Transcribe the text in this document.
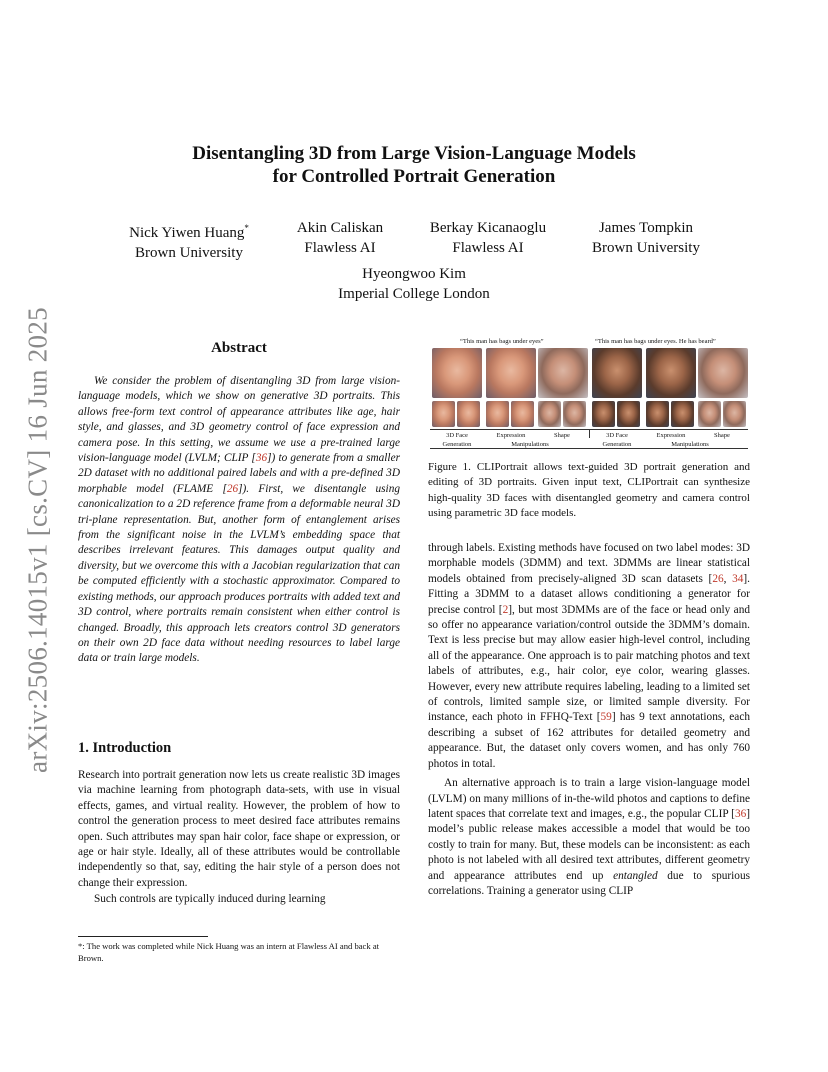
arXiv:2506.14015v1 [cs.CV] 16 Jun 2025
Disentangling 3D from Large Vision-Language Models
for Controlled Portrait Generation
Nick Yiwen Huang*
Brown University
Akin Caliskan
Flawless AI
Berkay Kicanaoglu
Flawless AI
James Tompkin
Brown University
Hyeongwoo Kim
Imperial College London
Abstract
We consider the problem of disentangling 3D from large vision-language models, which we show on generative 3D portraits. This allows free-form text control of appearance attributes like age, hair style, and glasses, and 3D geometry control of face expression and camera pose. In this setting, we assume we use a pre-trained large vision-language model (LVLM; CLIP [36]) to generate from a smaller 2D dataset with no additional paired labels and with a pre-defined 3D morphable model (FLAME [26]). First, we disentangle using canonicalization to a 2D reference frame from a deformable neural 3D tri-plane representation. But, another form of entanglement arises from the significant noise in the LVLM’s embedding space that describes irrelevant features. This damages output quality and diversity, but we overcome this with a Jacobian regularization that can be computed efficiently with a stochastic approximator. Compared to existing methods, our approach produces portraits with added text and 3D control, where portraits remain consistent when either control is changed. Broadly, this approach lets creators control 3D generators on their own 2D face data without needing resources to label large data or train large models.
1. Introduction

Research into portrait generation now lets us create realistic 3D images via machine learning from photograph data-sets, with use in visual effects, games, and virtual reality. However, the problem of how to control the generation process to meet desired face attributes remains open. Such attributes may span hair color, face shape or expression, or age or hair style. Ideally, all of these attributes would be controllable independently so that, say, editing the hair style of a person does not change their expression.

Such controls are typically induced during learning

*: The work was completed while Nick Huang was an intern at Flawless AI and back at Brown.
“This man has bags under eyes”	“This man has bags under eyes. He has beard”
3D Face
Generation
Expression
Manipulations
Shape	3D Face
Generation
Expression
Manipulations
Shape
Figure 1. CLIPortrait allows text-guided 3D portrait generation and editing of 3D portraits. Given input text, CLIPortrait can synthesize high-quality 3D faces with disentangled geometry and camera control using parametric 3D face models.

through labels. Existing methods have focused on two label modes: 3D morphable models (3DMM) and text. 3DMMs are linear statistical models obtained from precisely-aligned 3D scan datasets [26, 34]. Fitting a 3DMM to a dataset allows conditioning a generator for precise control [2], but most 3DMMs are of the face or head only and so offer no appearance variation/control outside the 3DMM’s domain. Text is less precise but may allow easier high-level control, including all of the appearance. One approach is to pair matching photos and text labels of attributes, e.g., hair color, eye color, wearing glasses. However, every new attribute requires labeling, leading to a limited set of controls, limited sample size, or limited sample diversity. For instance, each photo in FFHQ-Text [59] has 9 text annotations, each describing a subset of 162 attributes for detailed geometry and appearance. But, the dataset only covers women, and has only 760 photos in total.

An alternative approach is to train a large vision-language model (LVLM) on many millions of in-the-wild photos and captions to define latent spaces that correlate text and images, e.g., the popular CLIP [36] model’s public release makes accessible a model that would be too costly to train for many. But, these models can be inconsistent: as each photo is not labeled with all desired text attributes, different geometry and appearance attributes end up entangled due to spurious correlations. Training a generator using CLIP
